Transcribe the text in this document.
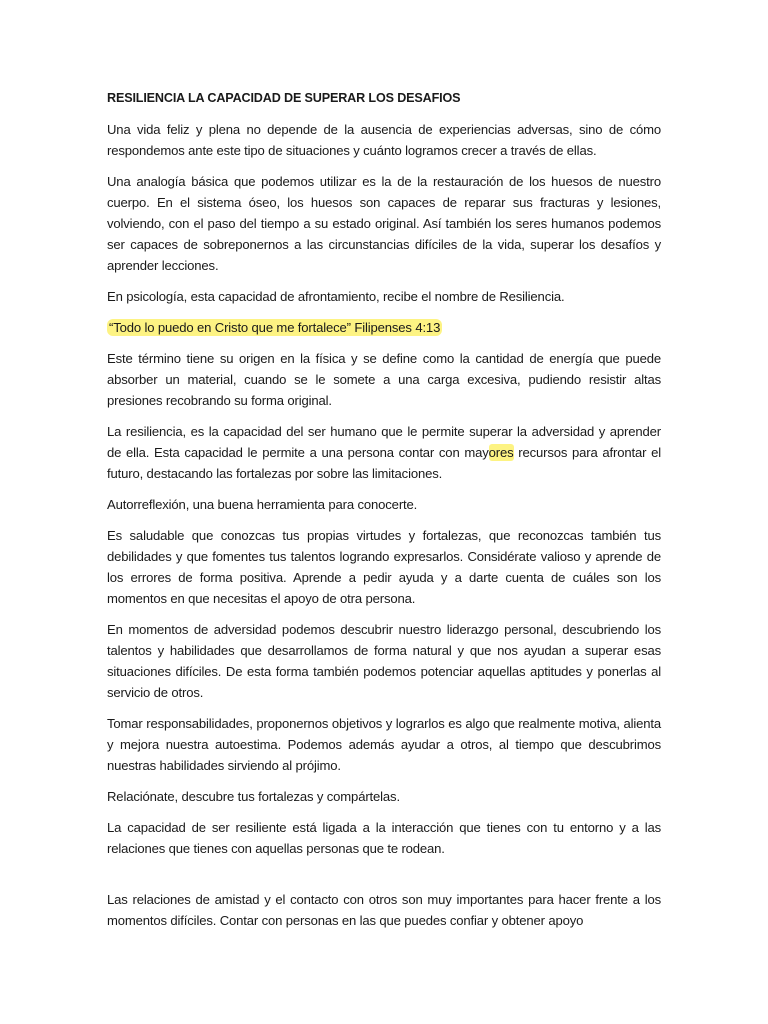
RESILIENCIA LA CAPACIDAD DE SUPERAR LOS DESAFIOS

Una vida feliz y plena no depende de la ausencia de experiencias adversas, sino de cómo respondemos ante este tipo de situaciones y cuánto logramos crecer a través de ellas.

Una analogía básica que podemos utilizar es la de la restauración de los huesos de nuestro cuerpo. En el sistema óseo, los huesos son capaces de reparar sus fracturas y lesiones, volviendo, con el paso del tiempo a su estado original. Así también los seres humanos podemos ser capaces de sobreponernos a las circunstancias difíciles de la vida, superar los desafíos y aprender lecciones.

En psicología, esta capacidad de afrontamiento, recibe el nombre de Resiliencia.

“Todo lo puedo en Cristo que me fortalece” Filipenses 4:13

Este término tiene su origen en la física y se define como la cantidad de energía que puede absorber un material, cuando se le somete a una carga excesiva, pudiendo resistir altas presiones recobrando su forma original.

La resiliencia, es la capacidad del ser humano que le permite superar la adversidad y aprender de ella. Esta capacidad le permite a una persona contar con mayores recursos para afrontar el futuro, destacando las fortalezas por sobre las limitaciones.

Autorreflexión, una buena herramienta para conocerte.

Es saludable que conozcas tus propias virtudes y fortalezas, que reconozcas también tus debilidades y que fomentes tus talentos logrando expresarlos. Considérate valioso y aprende de los errores de forma positiva. Aprende a pedir ayuda y a darte cuenta de cuáles son los momentos en que necesitas el apoyo de otra persona.

En momentos de adversidad podemos descubrir nuestro liderazgo personal, descubriendo los talentos y habilidades que desarrollamos de forma natural y que nos ayudan a superar esas situaciones difíciles. De esta forma también podemos potenciar aquellas aptitudes y ponerlas al servicio de otros.

Tomar responsabilidades, proponernos objetivos y lograrlos es algo que realmente motiva, alienta y mejora nuestra autoestima. Podemos además ayudar a otros, al tiempo que descubrimos nuestras habilidades sirviendo al prójimo.

Relaciónate, descubre tus fortalezas y compártelas.

La capacidad de ser resiliente está ligada a la interacción que tienes con tu entorno y a las relaciones que tienes con aquellas personas que te rodean.

Las relaciones de amistad y el contacto con otros son muy importantes para hacer frente a los momentos difíciles. Contar con personas en las que puedes confiar y obtener apoyo
